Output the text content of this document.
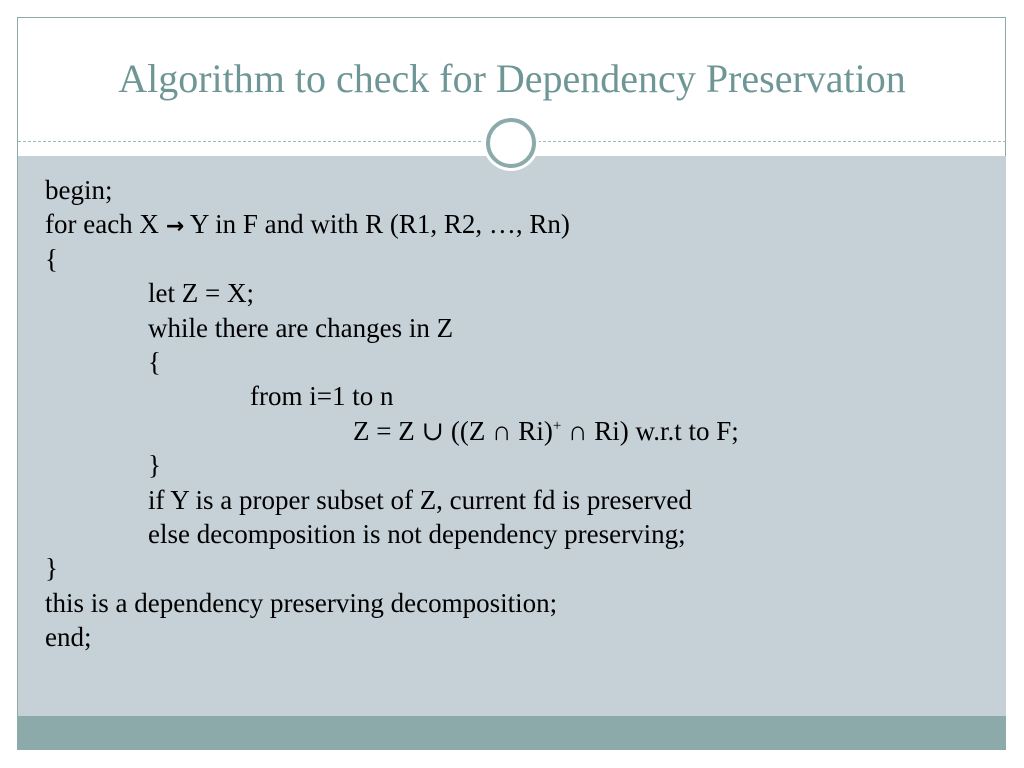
Algorithm to check for Dependency Preservation
begin;
for each X → Y in F and with R (R1, R2, …, Rn)
{
let Z = X;
while there are changes in Z
{
from i=1 to n
Z = Z ∪ ((Z ∩ Ri)+ ∩ Ri) w.r.t to F;
}
if Y is a proper subset of Z, current fd is preserved
else decomposition is not dependency preserving;
}
this is a dependency preserving decomposition;
end;
